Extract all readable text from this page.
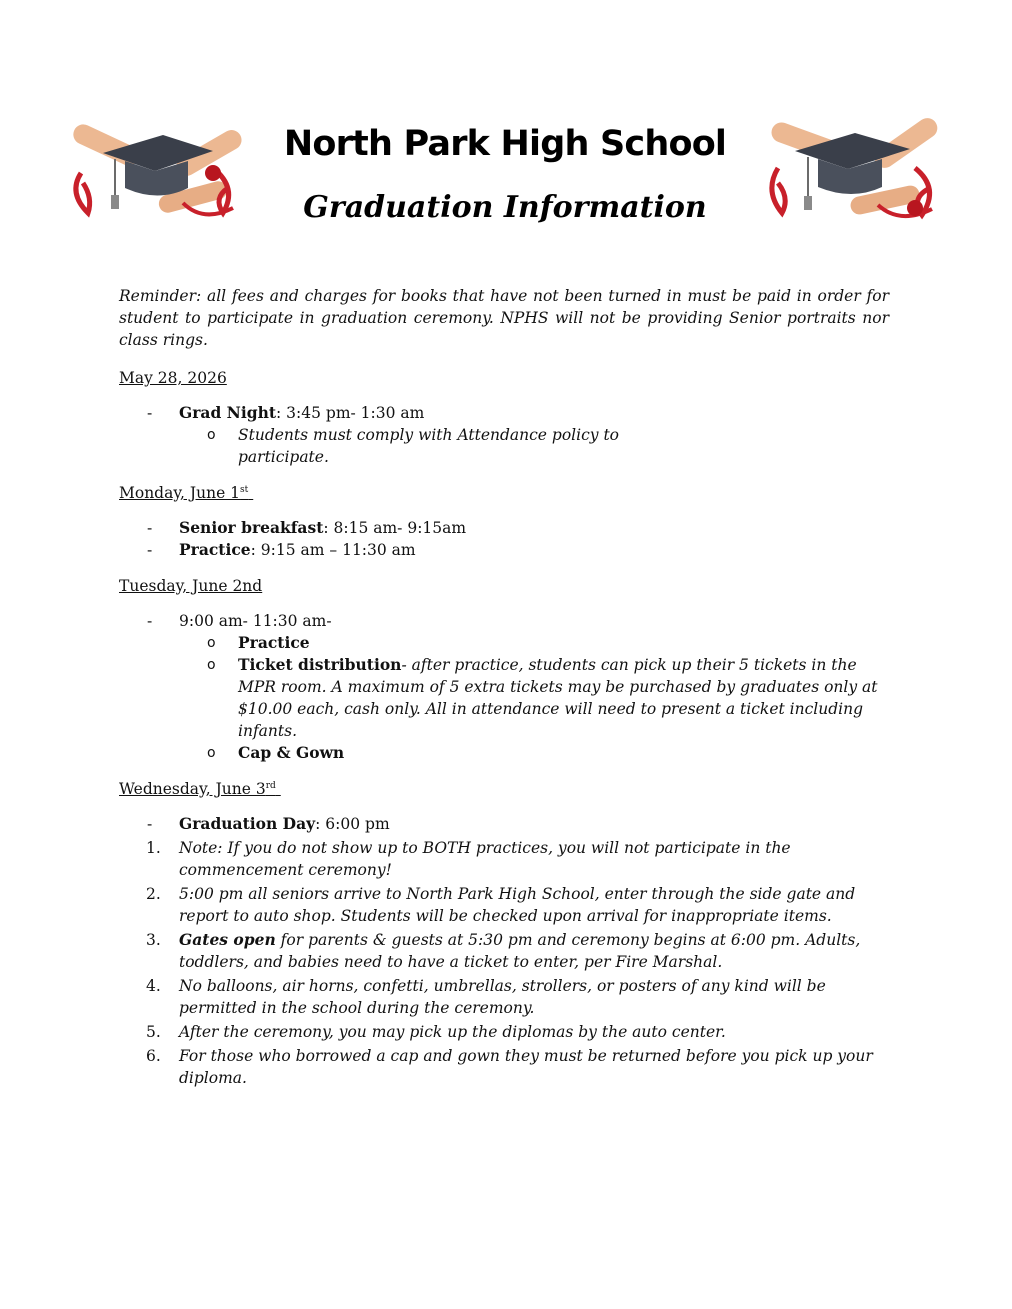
North Park High School
Graduation Information

Reminder: all fees and charges for books that have not been turned in must be paid in order for student to participate in graduation ceremony. NPHS will not be providing Senior portraits nor class rings.

May 28, 2026
- Grad Night: 3:45 pm- 1:30 am
o Students must comply with Attendance policy to participate.
Monday, June 1st
- Senior breakfast: 8:15 am- 9:15am
- Practice: 9:15 am – 11:30 am
Tuesday, June 2nd
- 9:00 am- 11:30 am-
o Practice
o Ticket distribution- after practice, students can pick up their 5 tickets in the MPR room. A maximum of 5 extra tickets may be purchased by graduates only at $10.00 each, cash only. All in attendance will need to present a ticket including infants.
o Cap & Gown
Wednesday, June 3rd
- Graduation Day: 6:00 pm
1. Note: If you do not show up to BOTH practices, you will not participate in the commencement ceremony!
2. 5:00 pm all seniors arrive to North Park High School, enter through the side gate and report to auto shop. Students will be checked upon arrival for inappropriate items.
3. Gates open for parents & guests at 5:30 pm and ceremony begins at 6:00 pm. Adults, toddlers, and babies need to have a ticket to enter, per Fire Marshal.
4. No balloons, air horns, confetti, umbrellas, strollers, or posters of any kind will be permitted in the school during the ceremony.
5. After the ceremony, you may pick up the diplomas by the auto center.
6. For those who borrowed a cap and gown they must be returned before you pick up your diploma.
